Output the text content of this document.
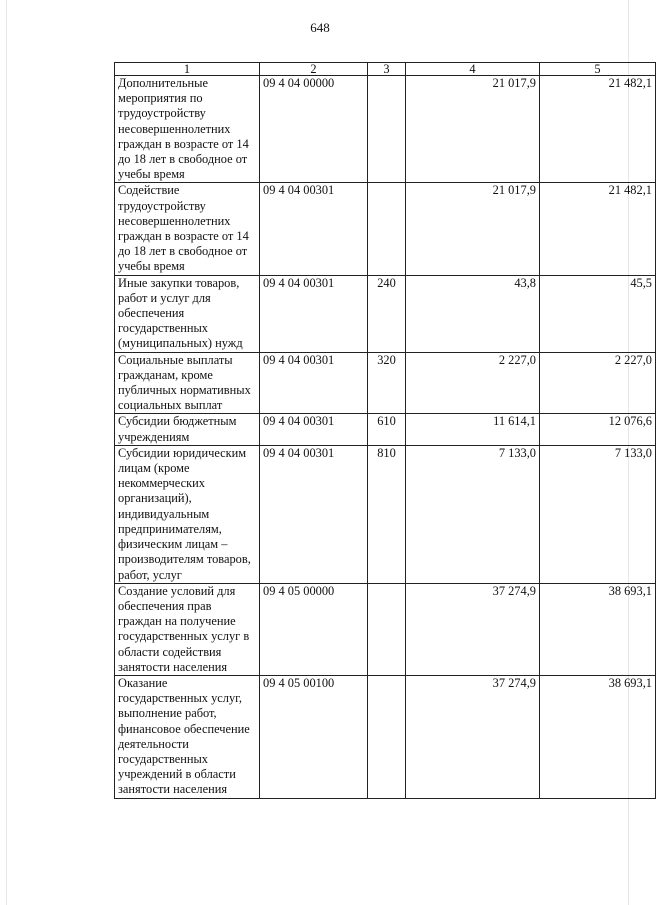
648
1	2	3	4	5
Дополнительные мероприятия по трудоустройству несовершеннолетних граждан в возрасте от 14 до 18 лет в свободное от учебы время	09 4 04 00000		21 017,9	21 482,1
Содействие трудоустройству несовершеннолетних граждан в возрасте от 14 до 18 лет в свободное от учебы время	09 4 04 00301		21 017,9	21 482,1
Иные закупки товаров, работ и услуг для обеспечения государственных (муниципальных) нужд	09 4 04 00301	240	43,8	45,5
Социальные выплаты гражданам, кроме публичных нормативных социальных выплат	09 4 04 00301	320	2 227,0	2 227,0
Субсидии бюджетным учреждениям	09 4 04 00301	610	11 614,1	12 076,6
Субсидии юридическим лицам (кроме некоммерческих организаций), индивидуальным предпринимателям, физическим лицам – производителям товаров, работ, услуг	09 4 04 00301	810	7 133,0	7 133,0
Создание условий для обеспечения прав граждан на получение государственных услуг в области содействия занятости населения	09 4 05 00000		37 274,9	38 693,1
Оказание государственных услуг, выполнение работ, финансовое обеспечение деятельности государственных учреждений в области занятости населения	09 4 05 00100		37 274,9	38 693,1
